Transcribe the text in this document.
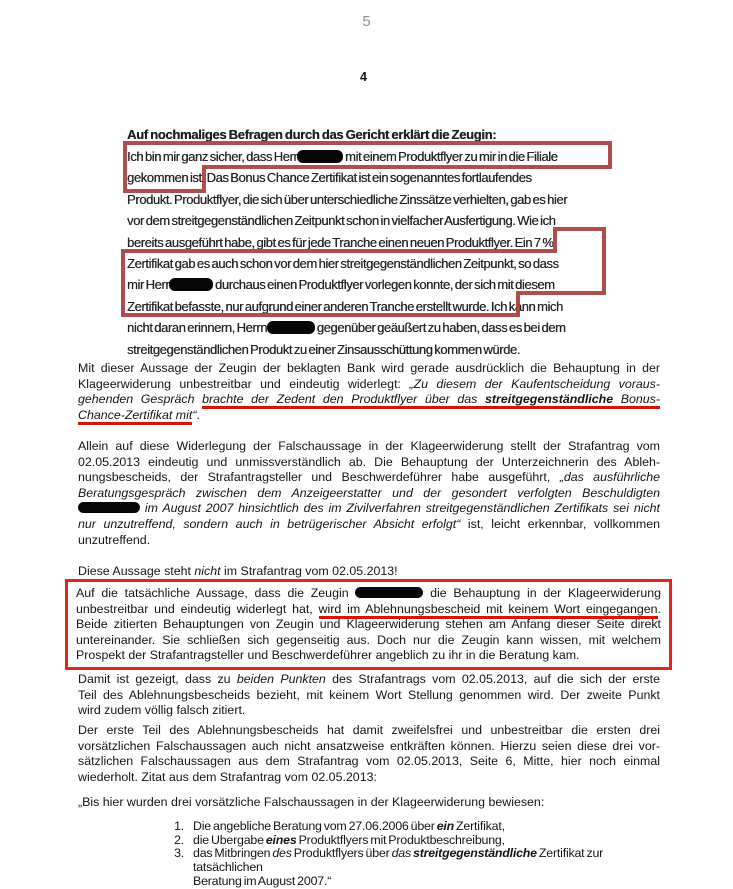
5
4
Auf nochmaliges Befragen durch das Gericht erklärt die Zeugin:
Ich bin mir ganz sicher, dass Herr	mit einem Produktflyer zu mir in die Filiale
gekommen ist. Das Bonus Chance Zertifikat ist ein sogenanntes fortlaufendes
Produkt. Produktflyer, die sich über unterschiedliche Zinssätze verhielten, gab es hier
vor dem streitgegenständlichen Zeitpunkt schon in vielfacher Ausfertigung. Wie ich
bereits ausgeführt habe, gibt es für jede Tranche einen neuen Produktflyer. Ein 7 %
Zertifikat gab es auch schon vor dem hier streitgegenständlichen Zeitpunkt, so dass
mir Herr	durchaus einen Produktflyer vorlegen konnte, der sich mit diesem
Zertifikat befasste, nur aufgrund einer anderen Tranche erstellt wurde. Ich kann mich
nicht daran erinnern, Herrn	gegenüber geäußert zu haben, dass es bei dem
streitgegenständlichen Produkt zu einer Zinsausschüttung kommen würde.
Mit dieser Aussage der Zeugin der beklagten Bank wird gerade ausdrücklich die Behauptung in der
Klageerwiderung unbestreitbar und eindeutig widerlegt: „Zu diesem der Kaufentscheidung voraus-
gehenden Gespräch brachte der Zedent den Produktflyer über das streitgegenständliche Bonus-
Chance-Zertifikat mit“.
Allein auf diese Widerlegung der Falschaussage in der Klageerwiderung stellt der Strafantrag vom
02.05.2013 eindeutig und unmissverständlich ab. Die Behauptung der Unterzeichnerin des Ableh-
nungsbescheids, der Strafantragsteller und Beschwerdeführer habe ausgeführt, „das ausführliche
Beratungsgespräch zwischen dem Anzeigeerstatter und der gesondert verfolgten Beschuldigten
im August 2007 hinsichtlich des im Zivilverfahren streitgegenständlichen Zertifikats sei nicht
nur unzutreffend, sondern auch in betrügerischer Absicht erfolgt“ ist, leicht erkennbar, vollkommen
unzutreffend.
Diese Aussage steht nicht im Strafantrag vom 02.05.2013!
Auf die tatsächliche Aussage, dass die Zeugin	die Behauptung in der Klageerwiderung
unbestreitbar und eindeutig widerlegt hat, wird im Ablehnungsbescheid mit keinem Wort eingegangen.
Beide zitierten Behauptungen von Zeugin und Klageerwiderung stehen am Anfang dieser Seite direkt
untereinander. Sie schließen sich gegenseitig aus. Doch nur die Zeugin kann wissen, mit welchem
Prospekt der Strafantragsteller und Beschwerdeführer angeblich zu ihr in die Beratung kam.
Damit ist gezeigt, dass zu beiden Punkten des Strafantrags vom 02.05.2013, auf die sich der erste
Teil des Ablehnungsbescheids bezieht, mit keinem Wort Stellung genommen wird. Der zweite Punkt
wird zudem völlig falsch zitiert.
Der erste Teil des Ablehnungsbescheids hat damit zweifelsfrei und unbestreitbar die ersten drei
vorsätzlichen Falschaussagen auch nicht ansatzweise entkräften können. Hierzu seien diese drei vor-
sätzlichen Falschaussagen aus dem Strafantrag vom 02.05.2013, Seite 6, Mitte, hier noch einmal
wiederholt. Zitat aus dem Strafantrag vom 02.05.2013:
„Bis hier wurden drei vorsätzliche Falschaussagen in der Klageerwiderung bewiesen:
1. Die angebliche Beratung vom 27.06.2006 über ein Zertifikat,
2. die Ubergabe eines Produktflyers mit Produktbeschreibung,
3. das Mitbringen des Produktflyers über das streitgegenständliche Zertifikat zur tatsächlichen
Beratung im August 2007.“
